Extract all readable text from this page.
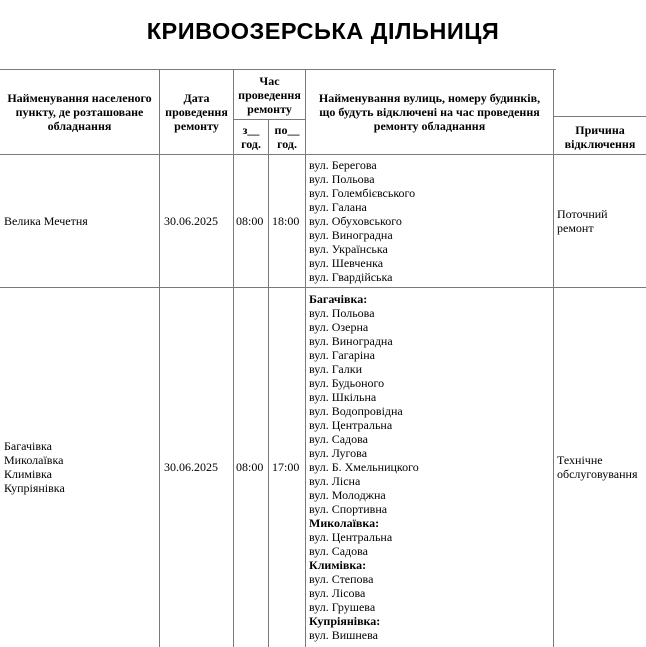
КРИВООЗЕРСЬКА ДІЛЬНИЦЯ
Найменування населеного
пункту, де розташоване
обладнання
Дата
проведення
ремонту
Час
проведення
ремонту
з__
год.
по__
год.
Найменування вулиць, номеру будинків,
що будуть відключені на час проведення
ремонту обладнання	Причина
відключення
Велика Мечетня	30.06.2025 08:00 18:00
вул. Берегова
вул. Польова
вул. Голембієвського
вул. Галана
вул. Обуховського
вул. Виноградна
вул. Українська
вул. Шевченка
вул. Гвардійська
Поточний
ремонт
Багачівка
Миколаївка
Климівка
Купріянівка
30.06.2025 08:00 17:00
Багачівка:
вул. Польова
вул. Озерна
вул. Виноградна
вул. Гагаріна
вул. Галки
вул. Будьоного
вул. Шкільна
вул. Водопровідна
вул. Центральна
вул. Садова
вул. Лугова
вул. Б. Хмельницкого
вул. Лісна
вул. Молоджна
вул. Спортивна
Миколаївка:
вул. Центральна
вул. Садова
Климівка:
вул. Степова
вул. Лісова
вул. Грушева
Купріянівка:
вул. Вишнева
Технічне
обслуговування
